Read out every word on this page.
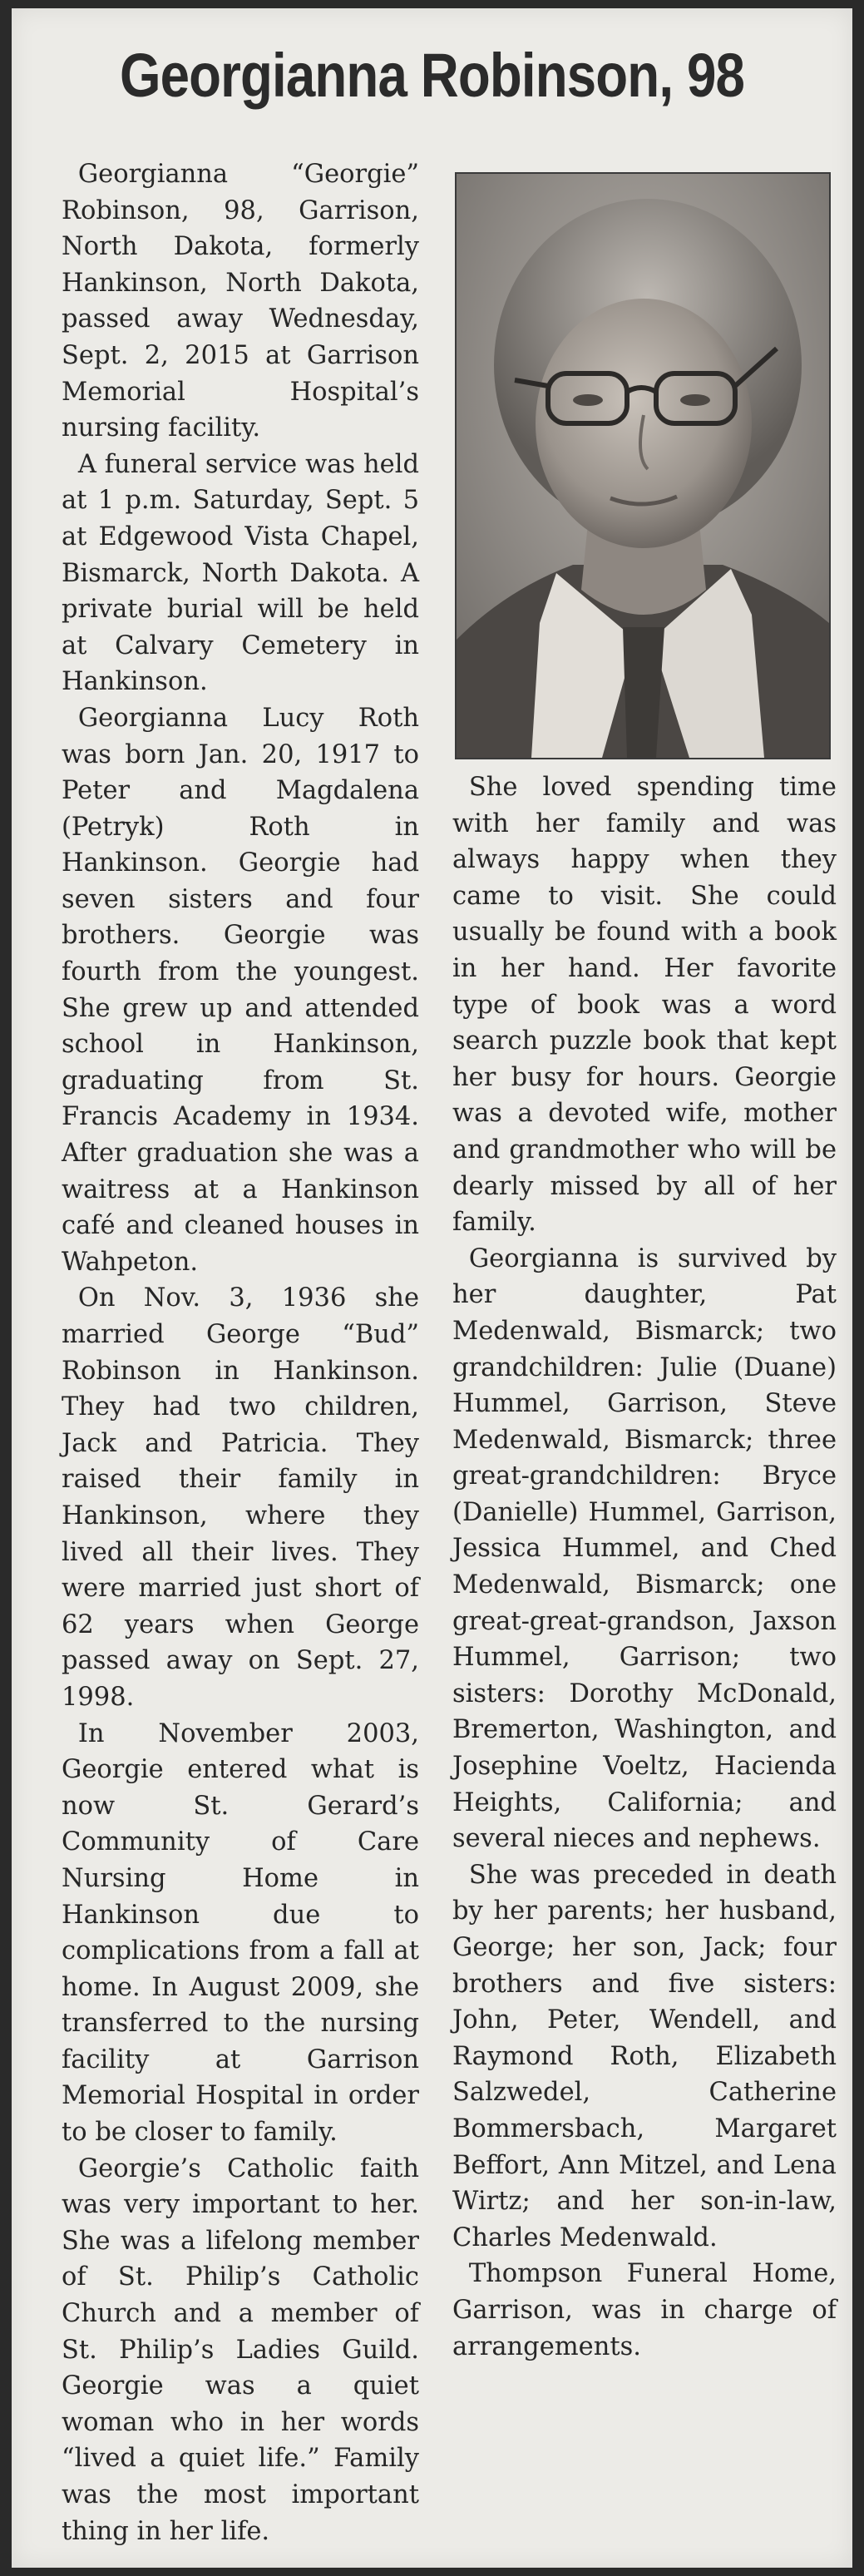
Georgianna Robinson, 98

Georgianna “Georgie” Robinson, 98, Garrison, North Dakota, formerly Hankinson, North Dakota, passed away Wednesday, Sept. 2, 2015 at Garrison Memorial Hospital’s nursing facility.

A funeral service was held at 1 p.m. Saturday, Sept. 5 at Edgewood Vista Chapel, Bismarck, North Dakota. A private burial will be held at Calvary Cemetery in Hankinson.

Georgianna Lucy Roth was born Jan. 20, 1917 to Peter and Magdalena (Petryk) Roth in Hankinson. Georgie had seven sisters and four brothers. Georgie was fourth from the youngest. She grew up and attended school in Hankinson, graduating from St. Francis Academy in 1934. After graduation she was a waitress at a Hankinson café and cleaned houses in Wahpeton.

On Nov. 3, 1936 she married George “Bud” Robinson in Hankinson. They had two children, Jack and Patricia. They raised their family in Hankinson, where they lived all their lives. They were married just short of 62 years when George passed away on Sept. 27, 1998.

In November 2003, Georgie entered what is now St. Gerard’s Community of Care Nursing Home in Hankinson due to complications from a fall at home. In August 2009, she transferred to the nursing facility at Garrison Memorial Hospital in order to be closer to family.

Georgie’s Catholic faith was very important to her. She was a lifelong member of St. Philip’s Catholic Church and a member of St. Philip’s Ladies Guild. Georgie was a quiet woman who in her words “lived a quiet life.” Family was the most important thing in her life.

She loved spending time with her family and was always happy when they came to visit. She could usually be found with a book in her hand. Her favorite type of book was a word search puzzle book that kept her busy for hours. Georgie was a devoted wife, mother and grandmother who will be dearly missed by all of her family.

Georgianna is survived by her daughter, Pat Medenwald, Bismarck; two grandchildren: Julie (Duane) Hummel, Garrison, Steve Medenwald, Bismarck; three great-grandchildren: Bryce (Danielle) Hummel, Garrison, Jessica Hummel, and Ched Medenwald, Bismarck; one great-great-grandson, Jaxson Hummel, Garrison; two sisters: Dorothy McDonald, Bremerton, Washington, and Josephine Voeltz, Hacienda Heights, California; and several nieces and nephews.

She was preceded in death by her parents; her husband, George; her son, Jack; four brothers and five sisters: John, Peter, Wendell, and Raymond Roth, Elizabeth Salzwedel, Catherine Bommersbach, Margaret Beffort, Ann Mitzel, and Lena Wirtz; and her son-in-law, Charles Medenwald.

Thompson Funeral Home, Garrison, was in charge of arrangements.
